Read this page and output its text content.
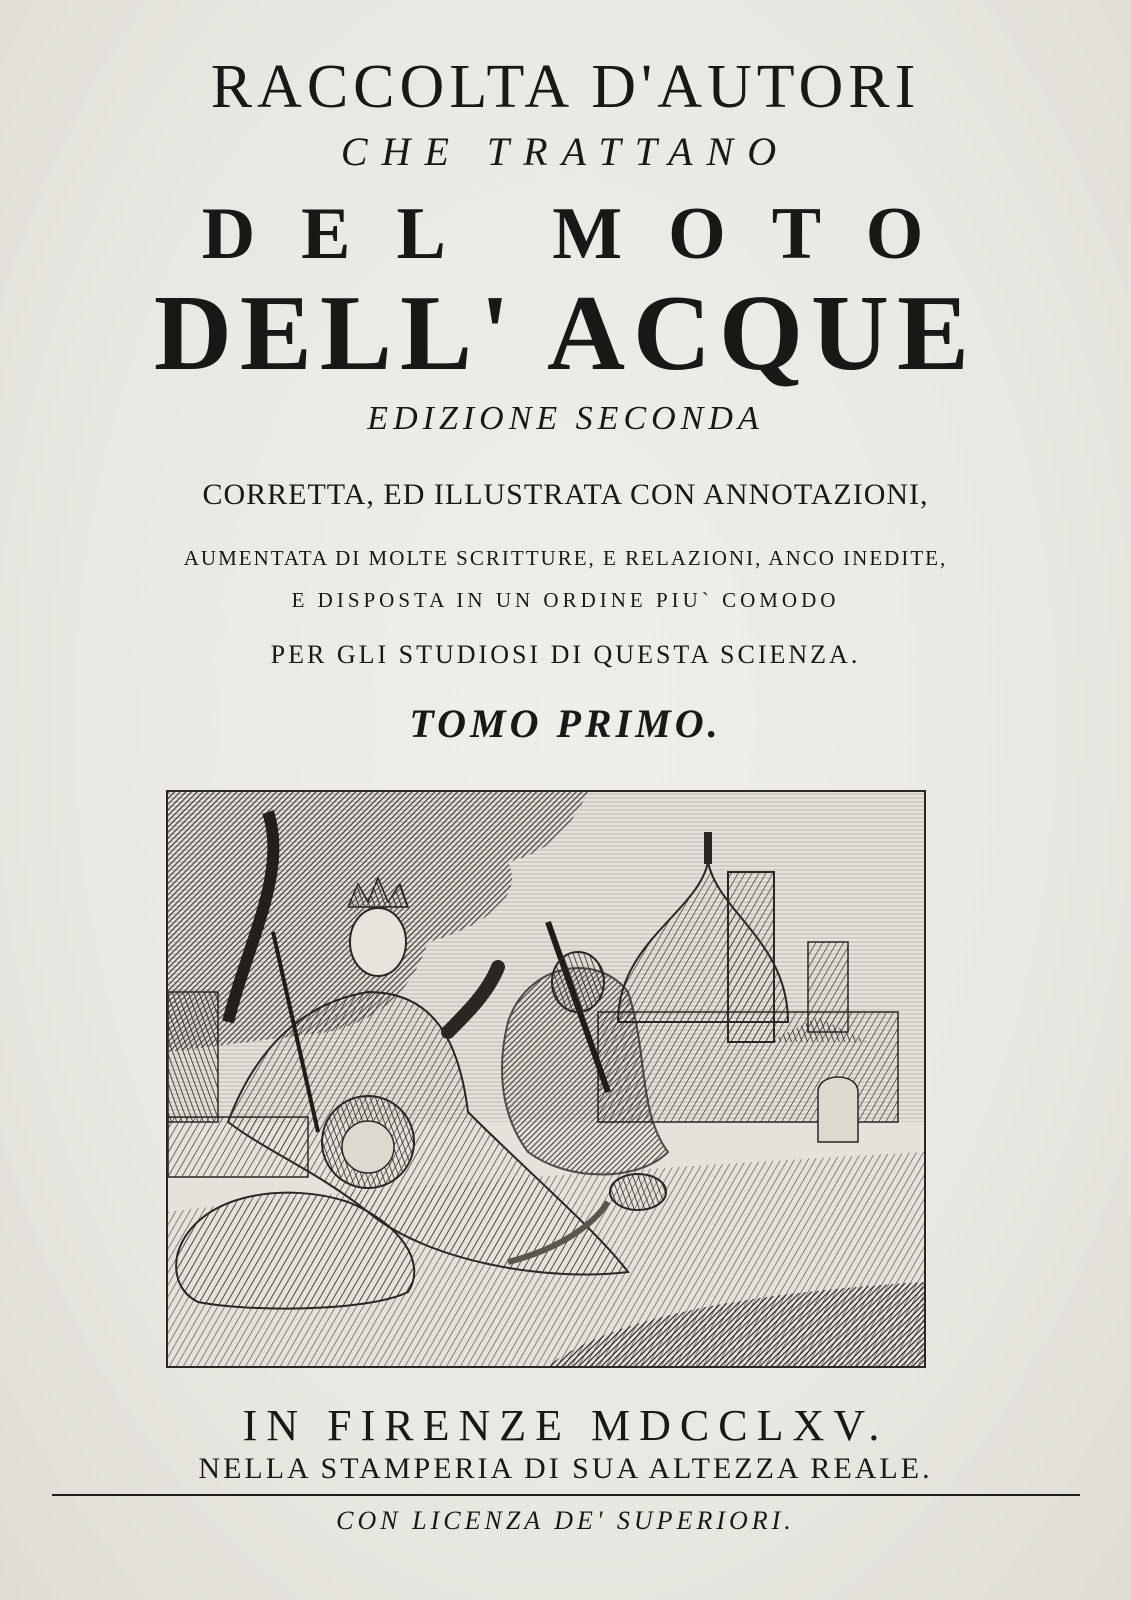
RACCOLTA D'AUTORI

CHE TRATTANO

DEL MOTO

DELL' ACQUE

EDIZIONE SECONDA

CORRETTA, ED ILLUSTRATA CON ANNOTAZIONI,

AUMENTATA DI MOLTE SCRITTURE, E RELAZIONI, ANCO INEDITE,

E DISPOSTA IN UN ORDINE PIU` COMODO

PER GLI STUDIOSI DI QUESTA SCIENZA.

TOMO PRIMO.

IN FIRENZE MDCCLXV.

NELLA STAMPERIA DI SUA ALTEZZA REALE.

CON LICENZA DE' SUPERIORI.
